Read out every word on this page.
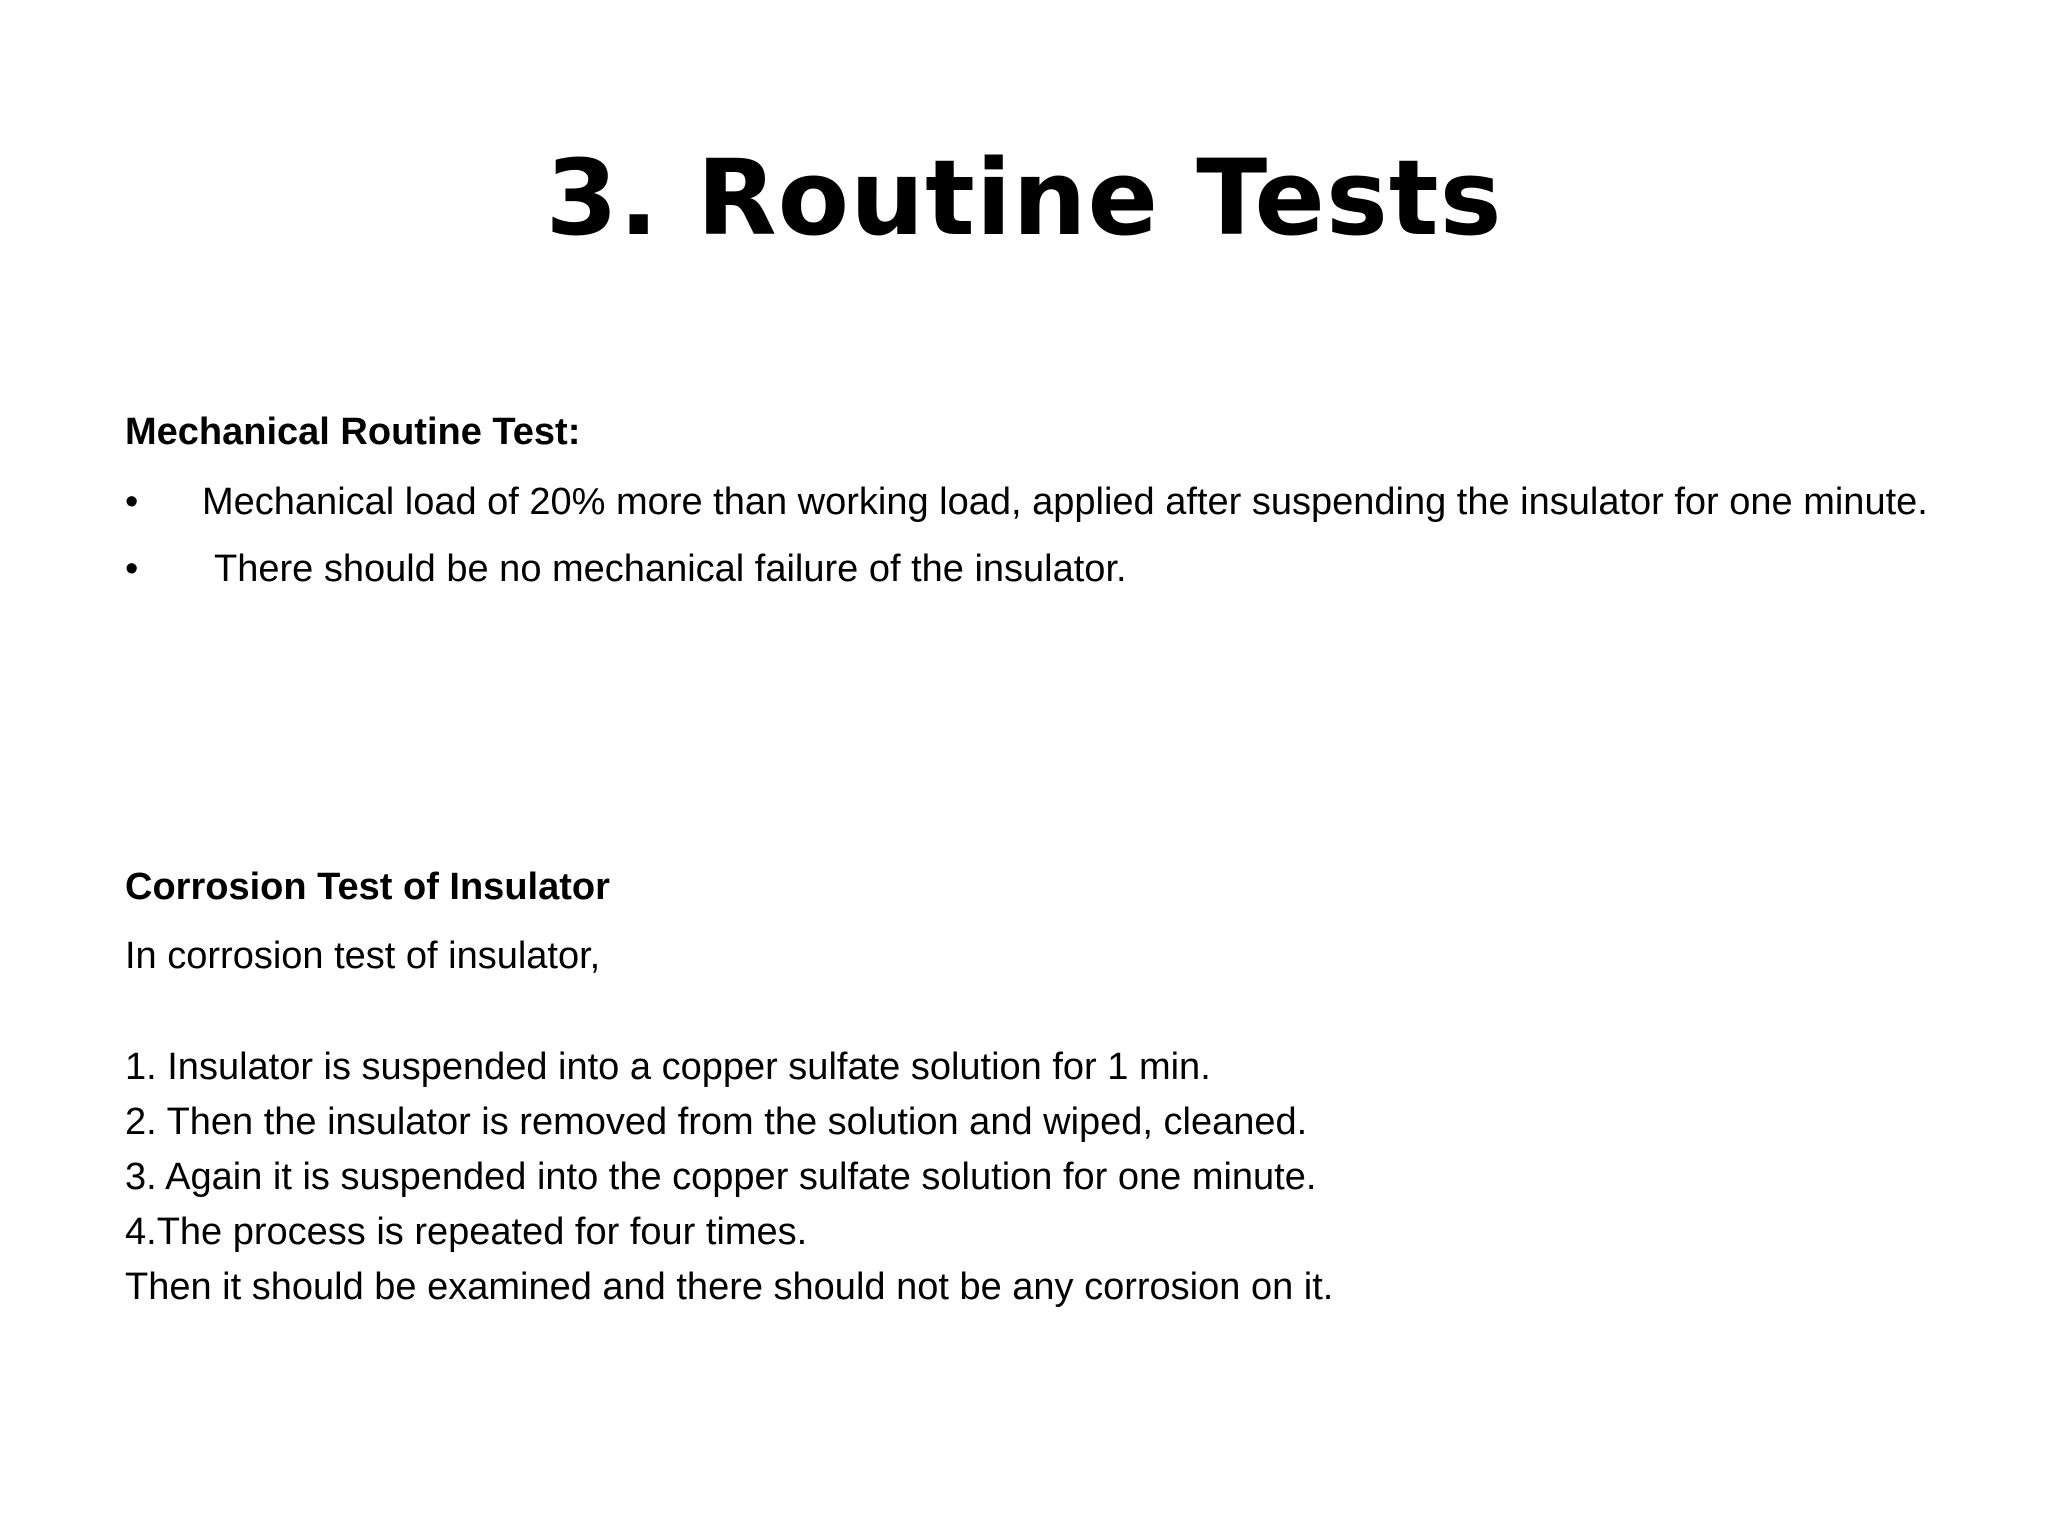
3. Routine Tests

Mechanical Routine Test:

•	Mechanical load of 20% more than working load, applied after suspending the insulator for one minute.
•	There should be no mechanical failure of the insulator.

Corrosion Test of Insulator

In corrosion test of insulator,

1. Insulator is suspended into a copper sulfate solution for 1 min.

2. Then the insulator is removed from the solution and wiped, cleaned.

3. Again it is suspended into the copper sulfate solution for one minute.

4.The process is repeated for four times.

Then it should be examined and there should not be any corrosion on it.
